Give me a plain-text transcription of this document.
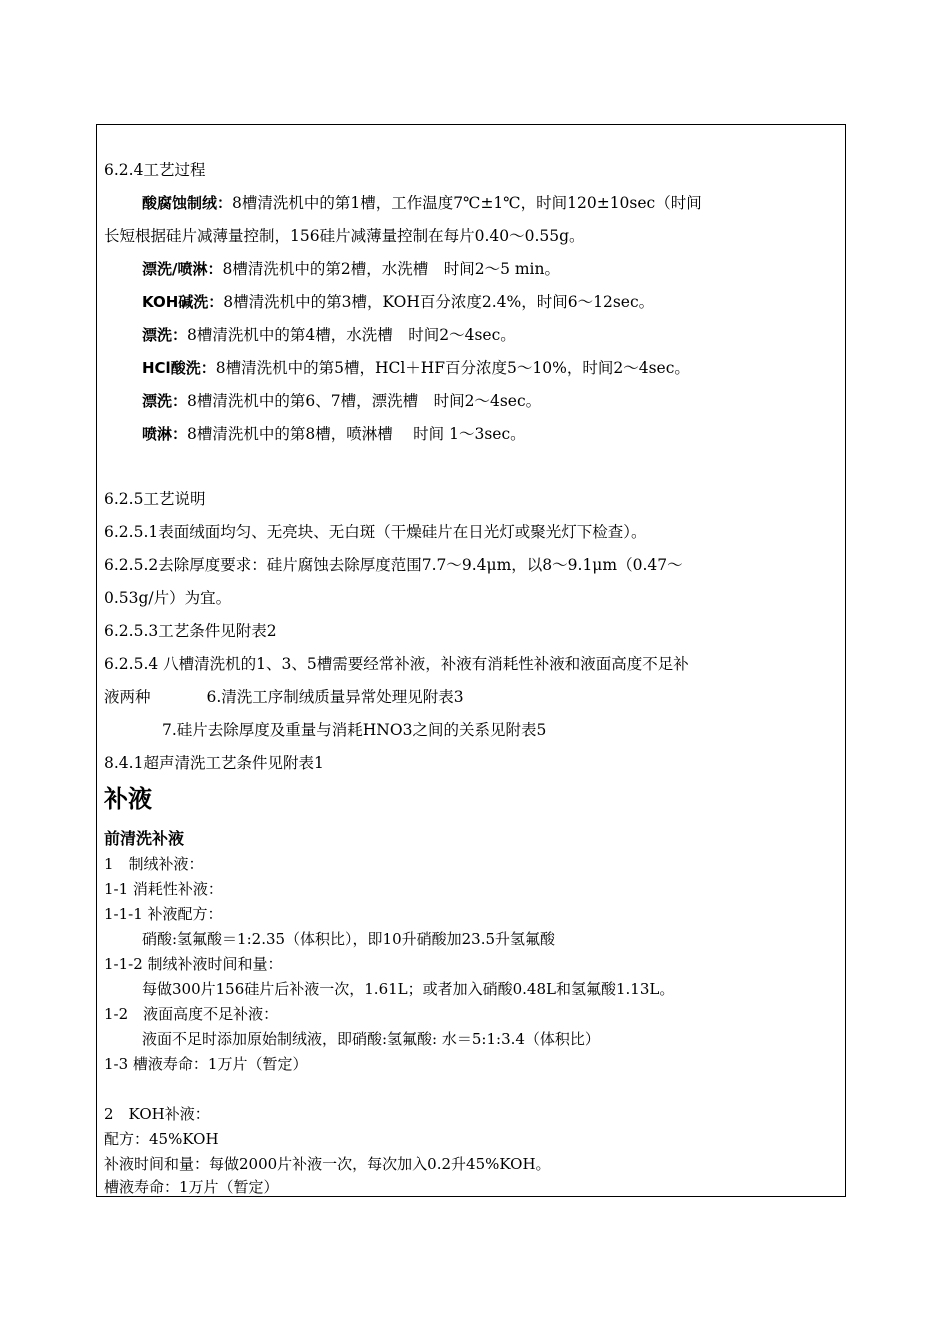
6.2.4工艺过程
酸腐蚀制绒：8槽清洗机中的第1槽，工作温度7℃±1℃，时间120±10sec（时间
长短根据硅片减薄量控制，156硅片减薄量控制在每片0.40～0.55g。
漂洗/喷淋：8槽清洗机中的第2槽，水洗槽　时间2～5 min。
KOH碱洗：8槽清洗机中的第3槽，KOH百分浓度2.4%，时间6～12sec。
漂洗：8槽清洗机中的第4槽，水洗槽　时间2～4sec。
HCl酸洗：8槽清洗机中的第5槽，HCl＋HF百分浓度5～10%，时间2～4sec。
漂洗：8槽清洗机中的第6、7槽，漂洗槽　时间2～4sec。
喷淋：8槽清洗机中的第8槽，喷淋槽　 时间 1～3sec。
6.2.5工艺说明
6.2.5.1表面绒面均匀、无亮块、无白斑（干燥硅片在日光灯或聚光灯下检查）。
6.2.5.2去除厚度要求：硅片腐蚀去除厚度范围7.7～9.4μm，以8～9.1μm（0.47～
0.53g/片）为宜。
6.2.5.3工艺条件见附表2
6.2.5.4 八槽清洗机的1、3、5槽需要经常补液，补液有消耗性补液和液面高度不足补
液两种	6.清洗工序制绒质量异常处理见附表3
7.硅片去除厚度及重量与消耗HNO3之间的关系见附表5
8.4.1超声清洗工艺条件见附表1
补液
前清洗补液
1　制绒补液：
1-1 消耗性补液：
1-1-1 补液配方：
硝酸:氢氟酸＝1:2.35（体积比），即10升硝酸加23.5升氢氟酸
1-1-2 制绒补液时间和量：
每做300片156硅片后补液一次，1.61L；或者加入硝酸0.48L和氢氟酸1.13L。
1-2　液面高度不足补液：
液面不足时添加原始制绒液，即硝酸:氢氟酸: 水＝5:1:3.4（体积比）
1-3 槽液寿命：1万片（暂定）
2　KOH补液：
配方：45%KOH
补液时间和量：每做2000片补液一次，每次加入0.2升45%KOH。
槽液寿命：1万片（暂定）
